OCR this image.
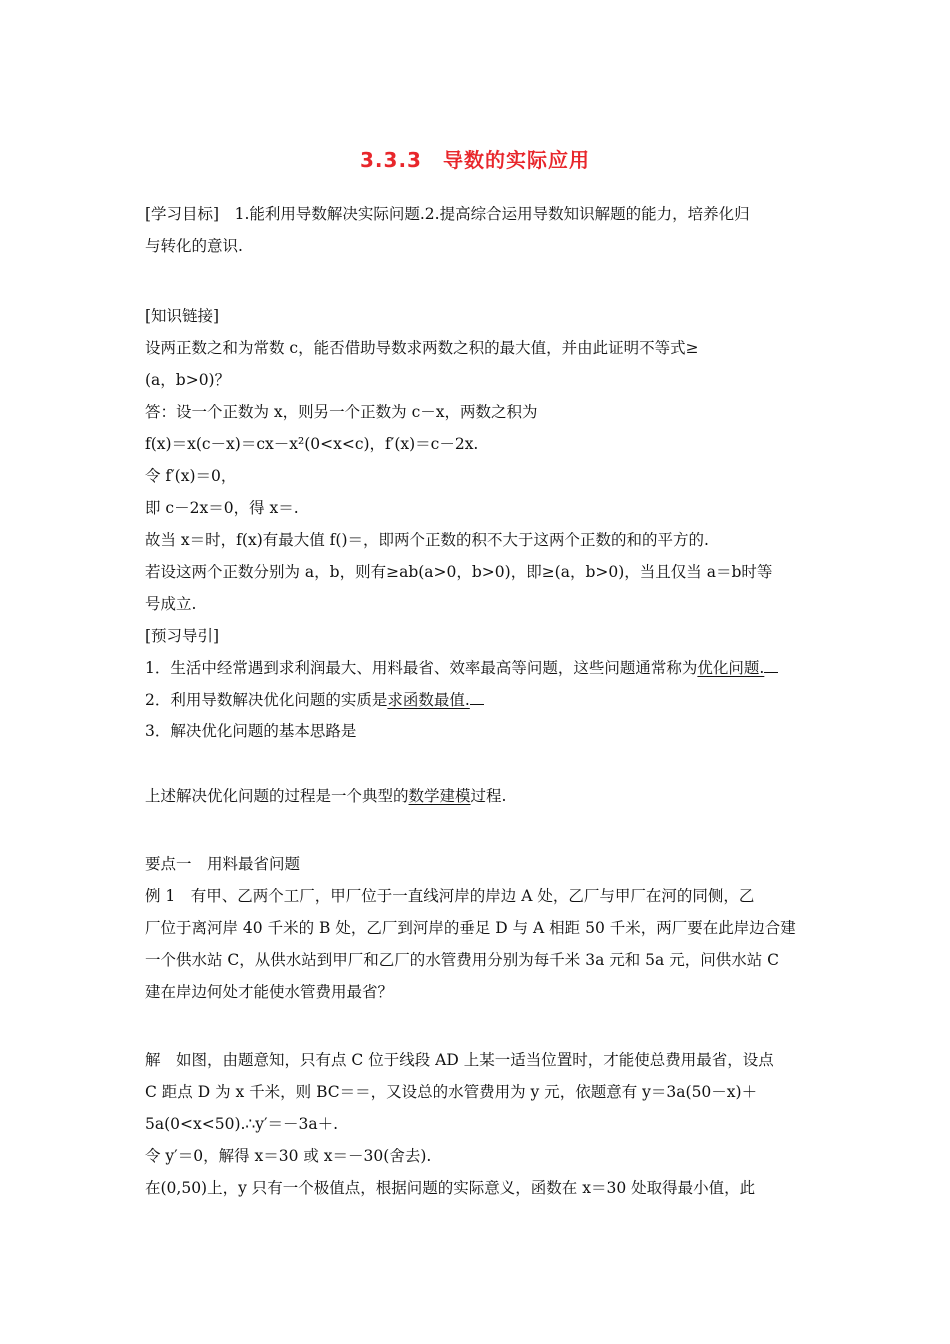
3.3.3　导数的实际应用
[学习目标]　1.能利用导数解决实际问题.2.提高综合运用导数知识解题的能力，培养化归
与转化的意识.
[知识链接]
设两正数之和为常数 c，能否借助导数求两数之积的最大值，并由此证明不等式≥
(a，b>0)？
答：设一个正数为 x，则另一个正数为 c－x，两数之积为
f(x)＝x(c－x)＝cx－x²(0<x<c)，f′(x)＝c－2x.
令 f′(x)＝0，
即 c－2x＝0，得 x＝.
故当 x＝时，f(x)有最大值 f()＝，即两个正数的积不大于这两个正数的和的平方的.
若设这两个正数分别为 a，b，则有≥ab(a>0，b>0)，即≥(a，b>0)，当且仅当 a＝b时等
号成立.
[预习导引]
1．生活中经常遇到求利润最大、用料最省、效率最高等问题，这些问题通常称为优化问题.
2．利用导数解决优化问题的实质是求函数最值.
3．解决优化问题的基本思路是
上述解决优化问题的过程是一个典型的数学建模过程.
要点一　用料最省问题
例 1　有甲、乙两个工厂，甲厂位于一直线河岸的岸边 A 处，乙厂与甲厂在河的同侧，乙
厂位于离河岸 40 千米的 B 处，乙厂到河岸的垂足 D 与 A 相距 50 千米，两厂要在此岸边合建
一个供水站 C，从供水站到甲厂和乙厂的水管费用分别为每千米 3a 元和 5a 元，问供水站 C
建在岸边何处才能使水管费用最省？
解　如图，由题意知，只有点 C 位于线段 AD 上某一适当位置时，才能使总费用最省，设点
C 距点 D 为 x 千米，则 BC＝＝，又设总的水管费用为 y 元，依题意有 y＝3a(50－x)＋
5a(0<x<50).∴y′＝－3a＋.
令 y′＝0，解得 x＝30 或 x＝－30(舍去).
在(0,50)上，y 只有一个极值点，根据问题的实际意义，函数在 x＝30 处取得最小值，此
